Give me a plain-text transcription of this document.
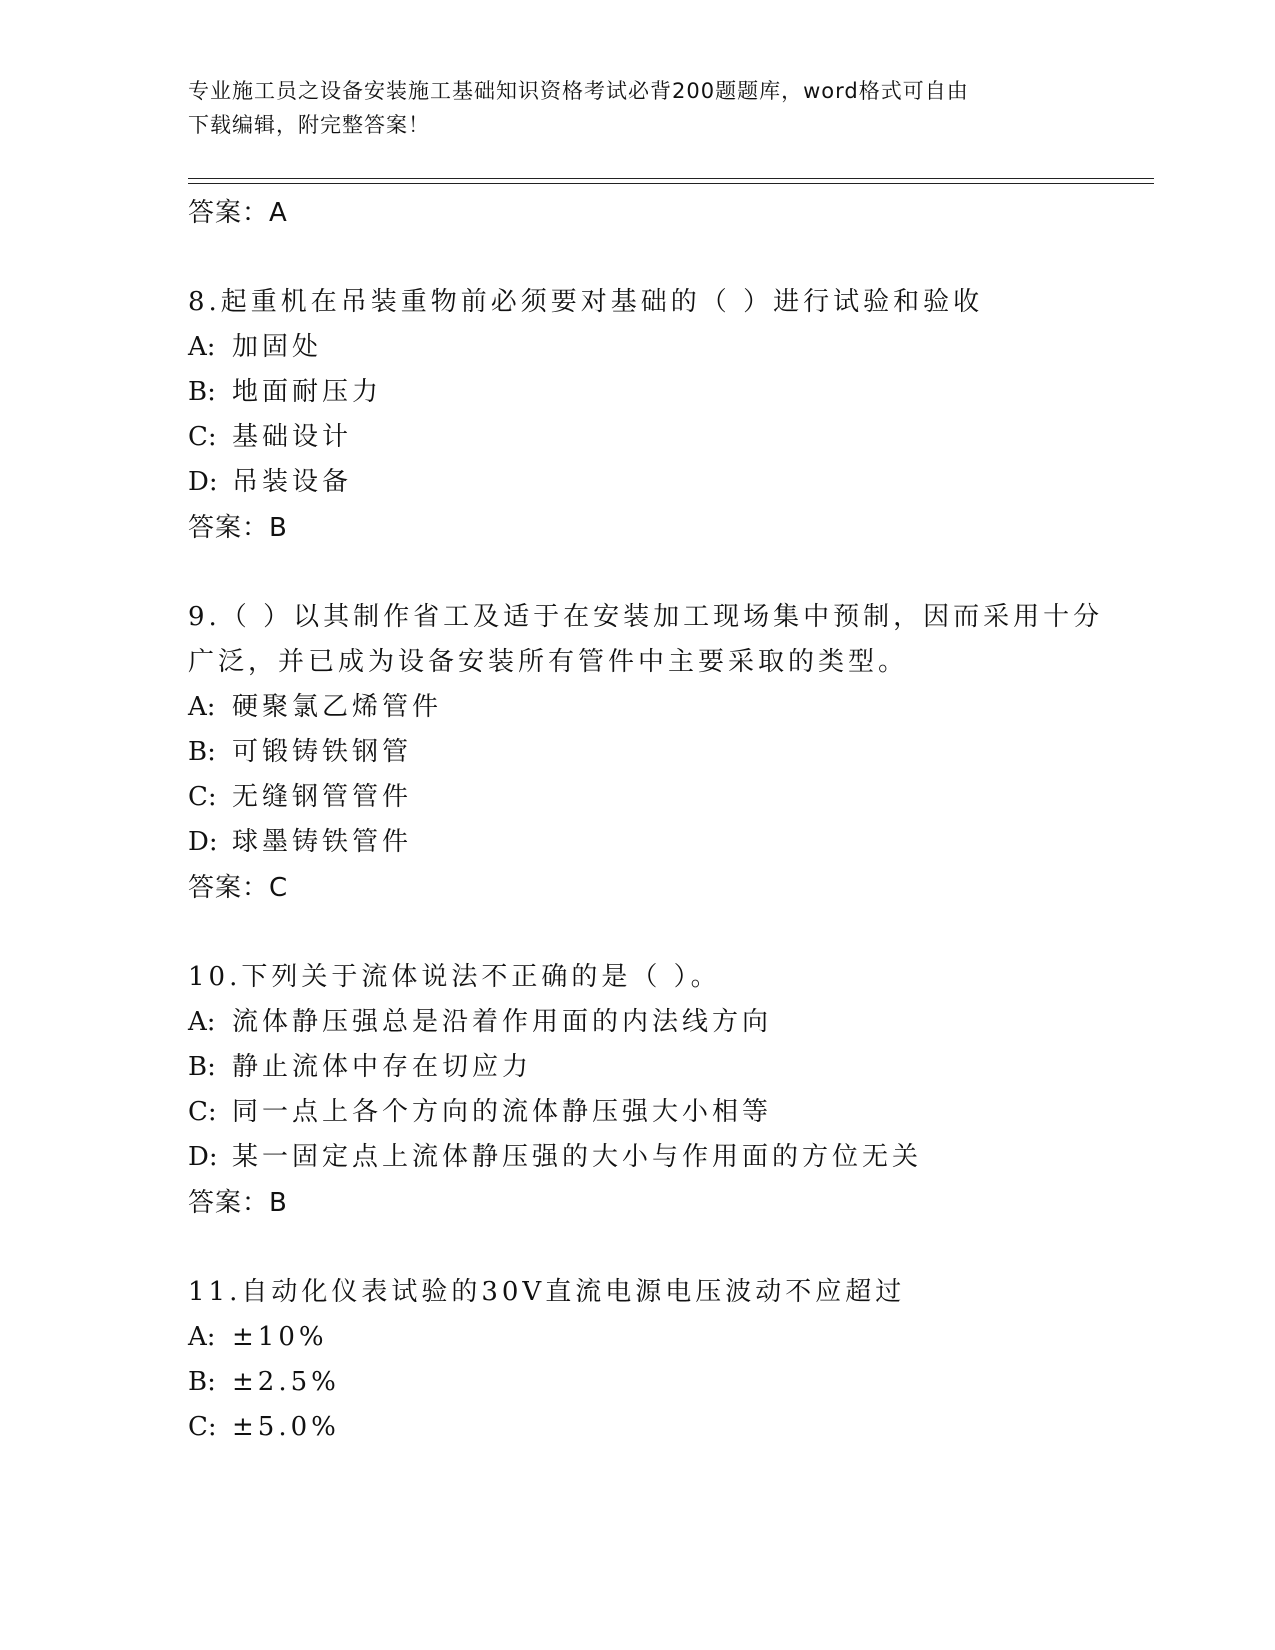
专业施工员之设备安装施工基础知识资格考试必背200题题库，word格式可自由
下载编辑，附完整答案！
答案：A
8.起重机在吊装重物前必须要对基础的（ ）进行试验和验收
A: 加固处
B: 地面耐压力
C: 基础设计
D: 吊装设备
答案：B
9.（ ）以其制作省工及适于在安装加工现场集中预制，因而采用十分
广泛，并已成为设备安装所有管件中主要采取的类型。
A: 硬聚氯乙烯管件
B: 可锻铸铁钢管
C: 无缝钢管管件
D: 球墨铸铁管件
答案：C
10.下列关于流体说法不正确的是（ ）。
A: 流体静压强总是沿着作用面的内法线方向
B: 静止流体中存在切应力
C: 同一点上各个方向的流体静压强大小相等
D: 某一固定点上流体静压强的大小与作用面的方位无关
答案：B
11.自动化仪表试验的30V直流电源电压波动不应超过
A: ±10%
B: ±2.5%
C: ±5.0%
